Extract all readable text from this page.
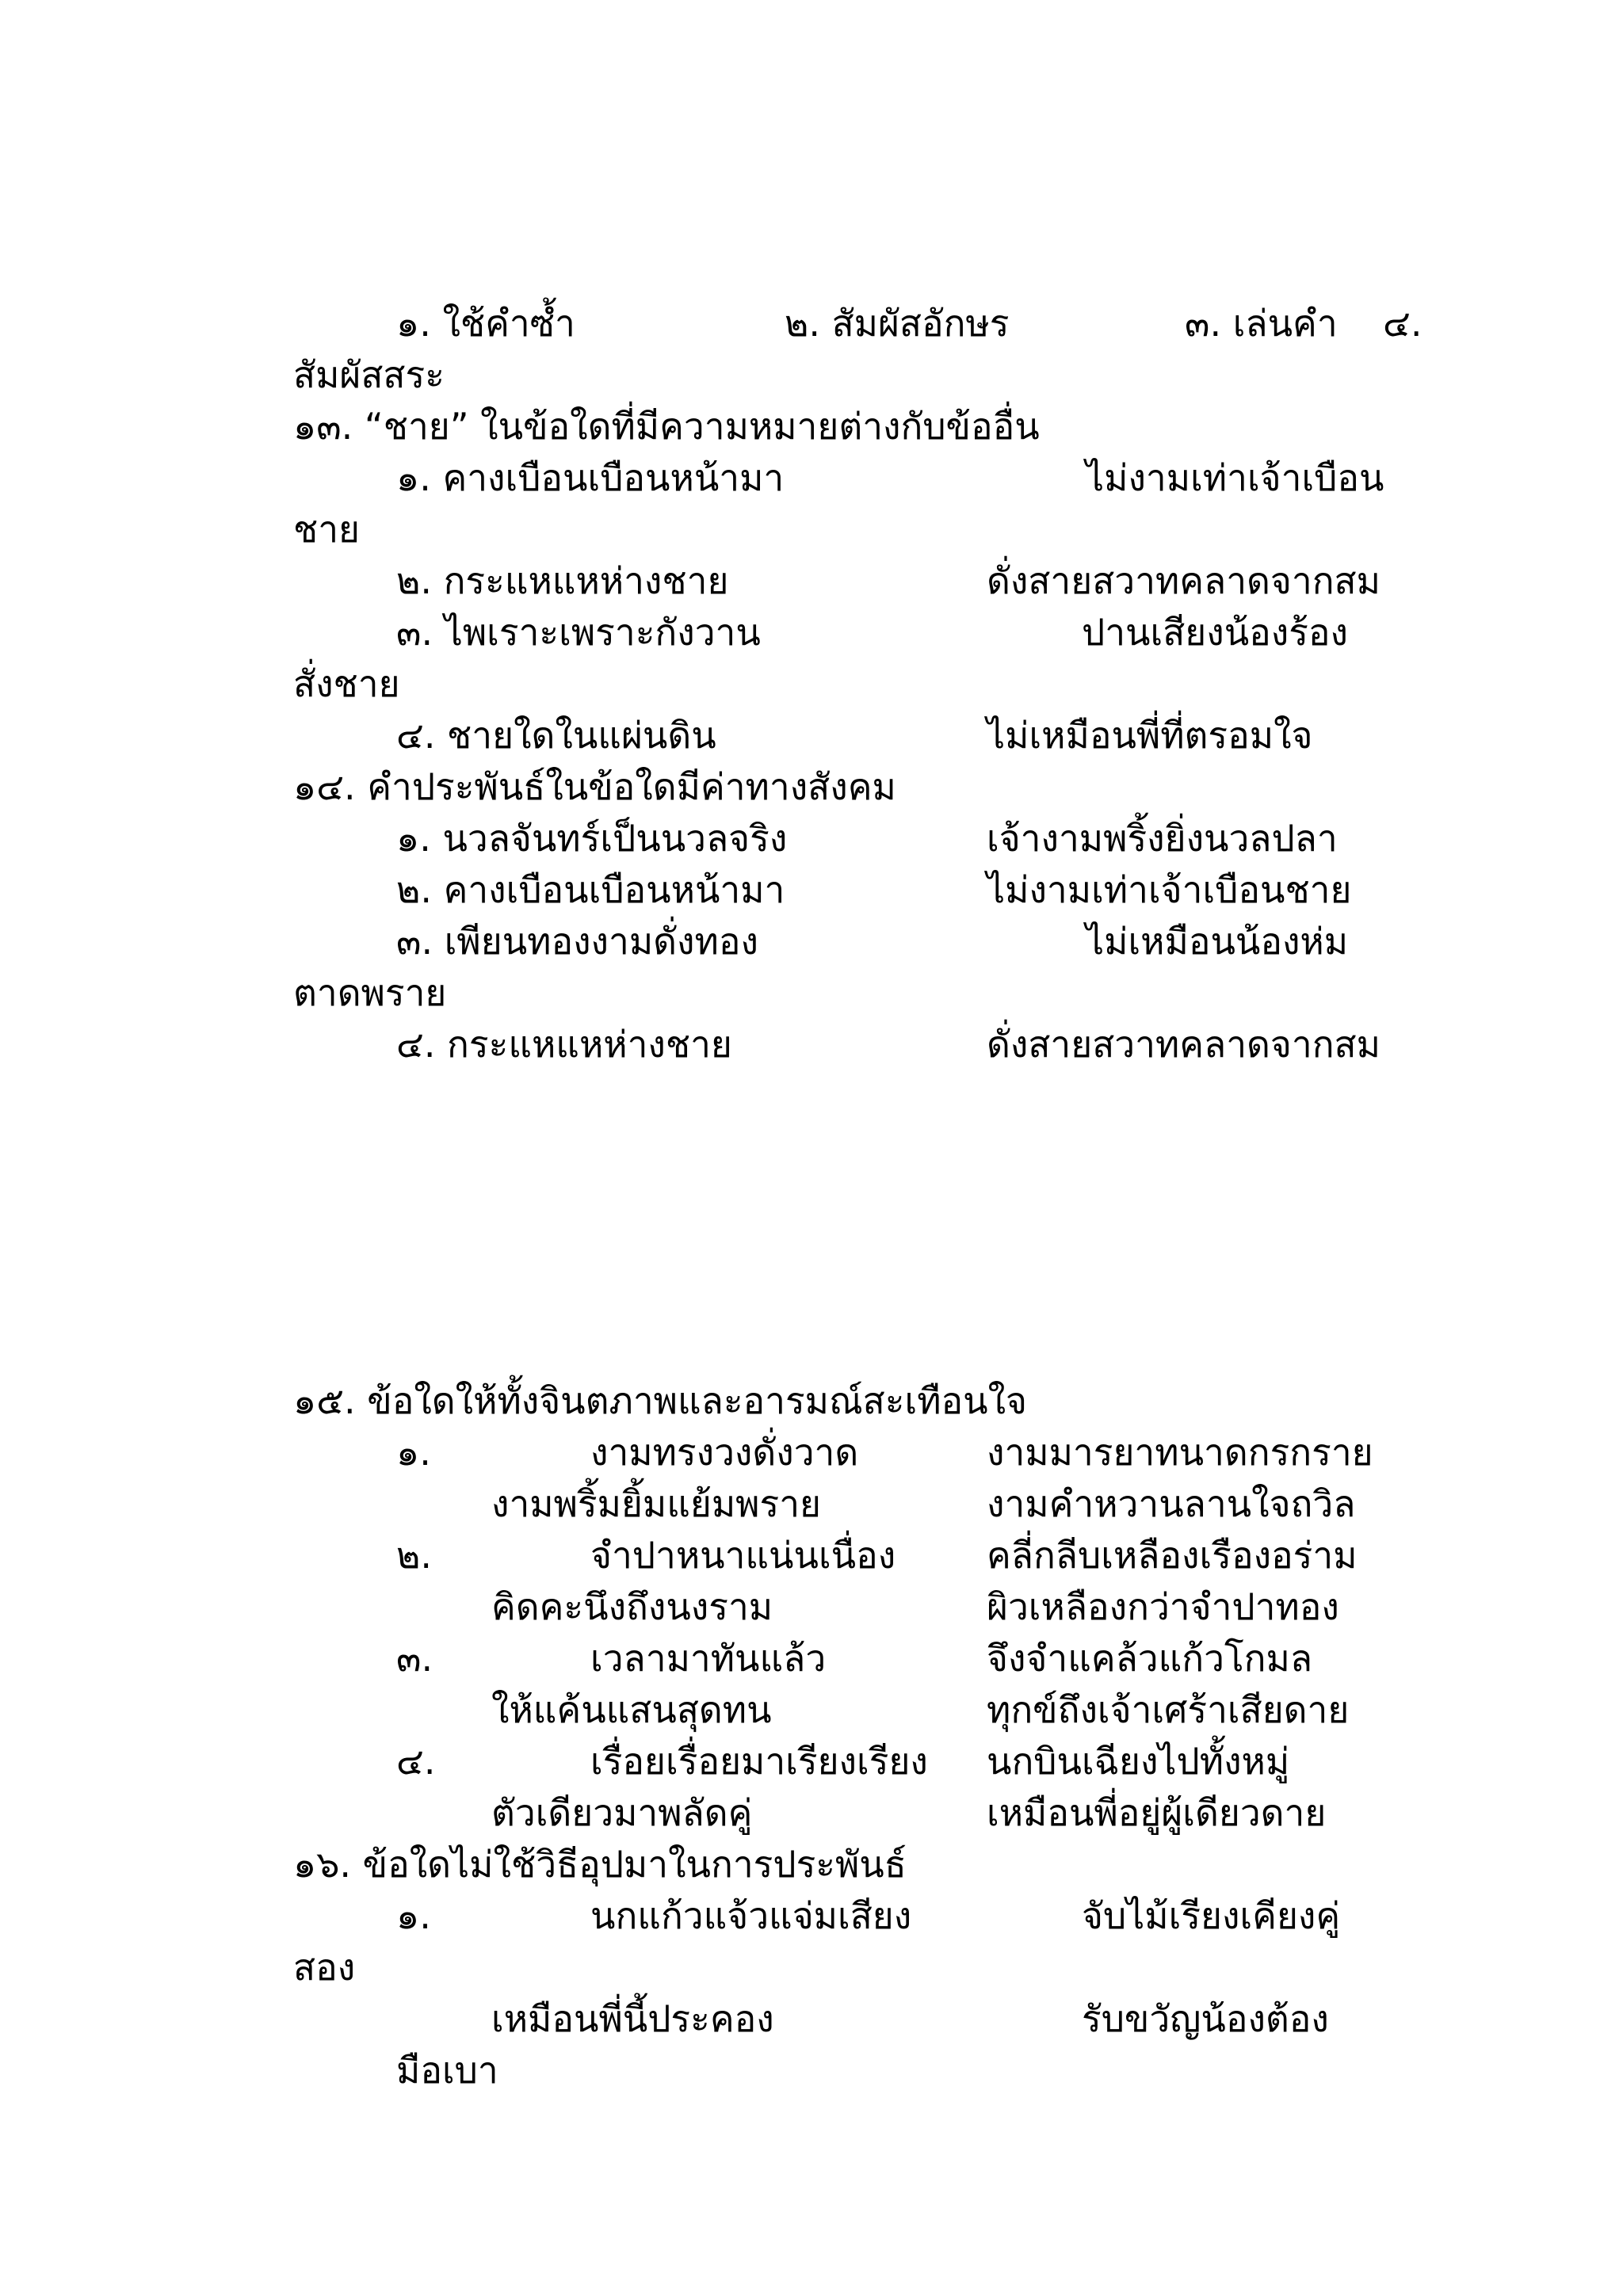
๑. ใช้คำซ้ำ	๒. สัมผัสอักษร	๓. เล่นคำ ๔.
สัมผัสสระ
๑๓. “ชาย” ในข้อใดที่มีความหมายต่างกับข้ออื่น
๑. คางเบือนเบือนหน้ามา	ไม่งามเท่าเจ้าเบือน
ชาย
๒. กระแหแหห่างชาย	ดั่งสายสวาทคลาดจากสม
๓. ไพเราะเพราะกังวาน	ปานเสียงน้องร้อง
สั่งชาย
๔. ชายใดในแผ่นดิน	ไม่เหมือนพี่ที่ตรอมใจ
๑๔. คำประพันธ์ในข้อใดมีค่าทางสังคม
๑. นวลจันทร์เป็นนวลจริง	เจ้างามพริ้งยิ่งนวลปลา
๒. คางเบือนเบือนหน้ามา	ไม่งามเท่าเจ้าเบือนชาย
๓. เพียนทองงามดั่งทอง	ไม่เหมือนน้องห่ม
ตาดพราย
๔. กระแหแหห่างชาย	ดั่งสายสวาทคลาดจากสม
๑๕. ข้อใดให้ทั้งจินตภาพและอารมณ์สะเทือนใจ
๑.	งามทรงวงดั่งวาด	งามมารยาทนาดกรกราย
งามพริ้มยิ้มแย้มพราย	งามคำหวานลานใจถวิล
๒.	จำปาหนาแน่นเนื่อง คลี่กลีบเหลืองเรืองอร่าม
คิดคะนึงถึงนงราม	ผิวเหลืองกว่าจำปาทอง
๓.	เวลามาทันแล้ว	จึงจำแคล้วแก้วโกมล
ให้แค้นแสนสุดทน	ทุกข์ถึงเจ้าเศร้าเสียดาย
๔.	เรื่อยเรื่อยมาเรียงเรียง นกบินเฉียงไปทั้งหมู่
ตัวเดียวมาพลัดคู่	เหมือนพี่อยู่ผู้เดียวดาย
๑๖. ข้อใดไม่ใช้วิธีอุปมาในการประพันธ์
๑.	นกแก้วแจ้วแจ่มเสียง	จับไม้เรียงเคียงคู่
สอง
เหมือนพี่นี้ประคอง	รับขวัญน้องต้อง
มือเบา
